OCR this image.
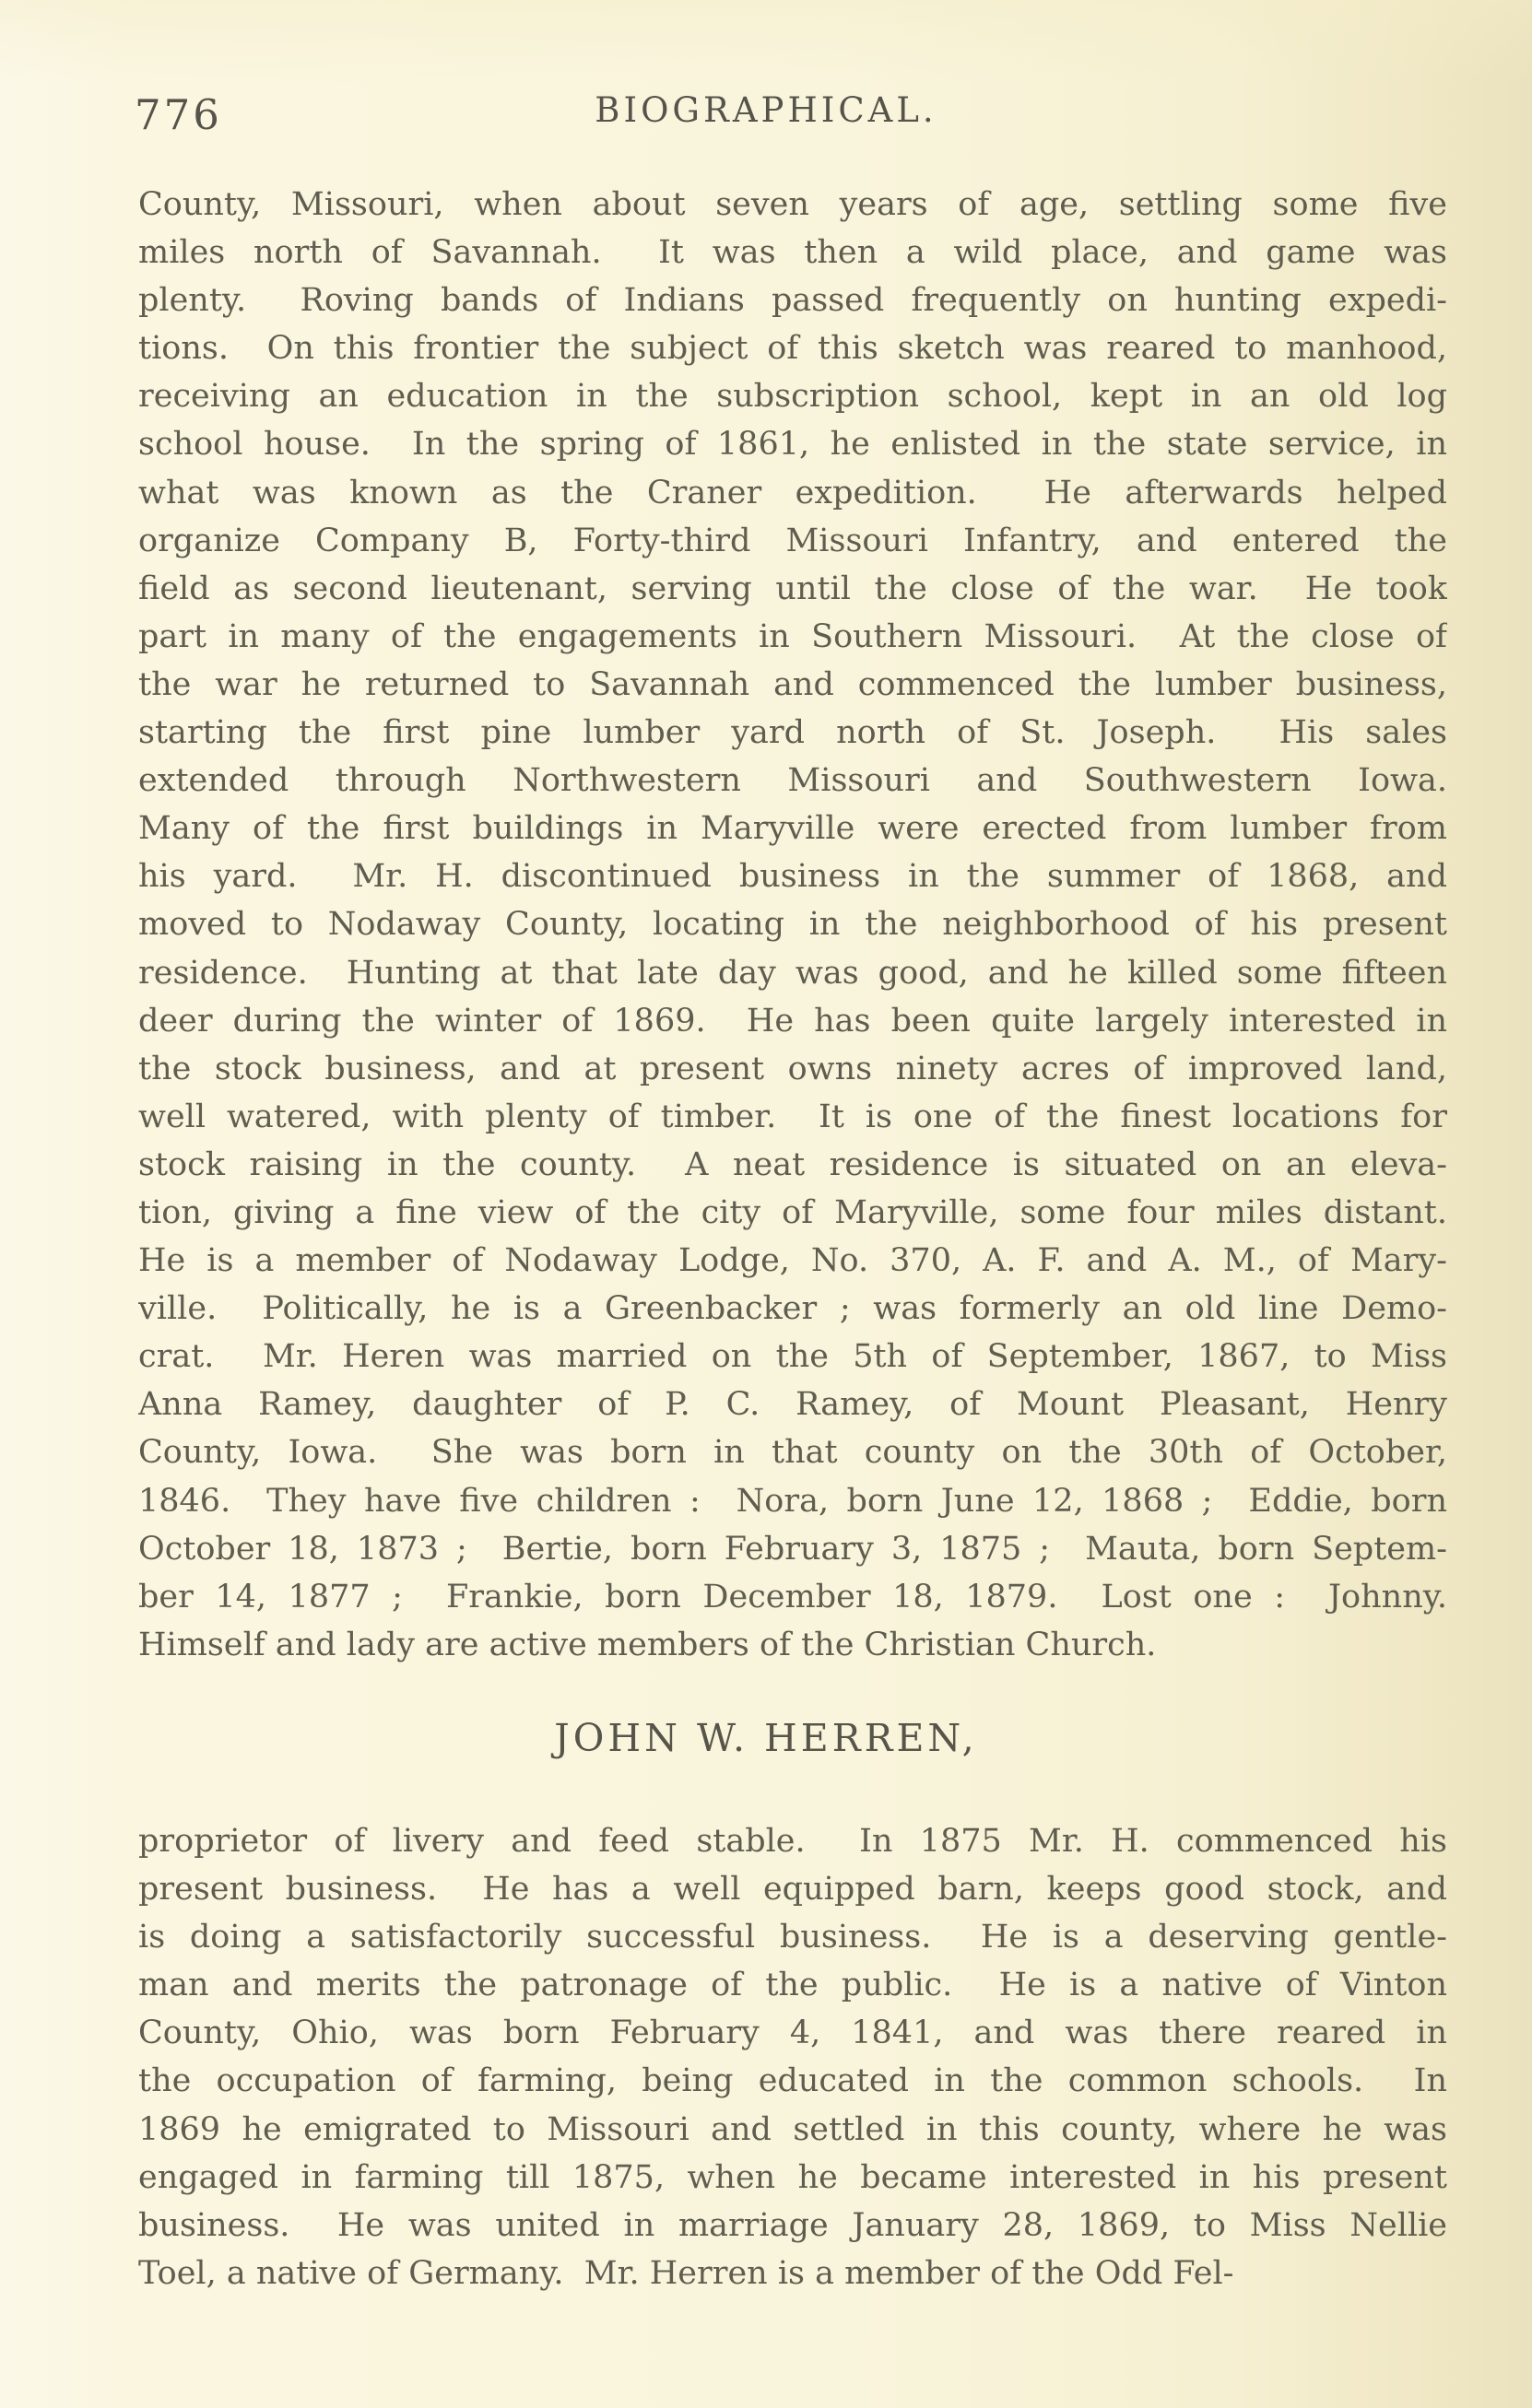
776	BIOGRAPHICAL.
County, Missouri, when about seven years of age, settling some five
miles north of Savannah.  It was then a wild place, and game was
plenty.  Roving bands of Indians passed frequently on hunting expedi-
tions.  On this frontier the subject of this sketch was reared to manhood,
receiving an education in the subscription school, kept in an old log
school house.  In the spring of 1861, he enlisted in the state service, in
what was known as the Craner expedition.  He afterwards helped
organize Company B, Forty-third Missouri Infantry, and entered the
field as second lieutenant, serving until the close of the war.  He took
part in many of the engagements in Southern Missouri.  At the close of
the war he returned to Savannah and commenced the lumber business,
starting the first pine lumber yard north of St. Joseph.  His sales
extended through Northwestern Missouri and Southwestern Iowa.
Many of the first buildings in Maryville were erected from lumber from
his yard.  Mr. H. discontinued business in the summer of 1868, and
moved to Nodaway County, locating in the neighborhood of his present
residence.  Hunting at that late day was good, and he killed some fifteen
deer during the winter of 1869.  He has been quite largely interested in
the stock business, and at present owns ninety acres of improved land,
well watered, with plenty of timber.  It is one of the finest locations for
stock raising in the county.  A neat residence is situated on an eleva-
tion, giving a fine view of the city of Maryville, some four miles distant.
He is a member of Nodaway Lodge, No. 370, A. F. and A. M., of Mary-
ville.  Politically, he is a Greenbacker ; was formerly an old line Demo-
crat.  Mr. Heren was married on the 5th of September, 1867, to Miss
Anna Ramey, daughter of P. C. Ramey, of Mount Pleasant, Henry
County, Iowa.  She was born in that county on the 30th of October,
1846.  They have five children :  Nora, born June 12, 1868 ;  Eddie, born
October 18, 1873 ;  Bertie, born February 3, 1875 ;  Mauta, born Septem-
ber 14, 1877 ;  Frankie, born December 18, 1879.  Lost one :  Johnny.
Himself and lady are active members of the Christian Church.
JOHN W. HERREN,
proprietor of livery and feed stable.  In 1875 Mr. H. commenced his
present business.  He has a well equipped barn, keeps good stock, and
is doing a satisfactorily successful business.  He is a deserving gentle-
man and merits the patronage of the public.  He is a native of Vinton
County, Ohio, was born February 4, 1841, and was there reared in
the occupation of farming, being educated in the common schools.  In
1869 he emigrated to Missouri and settled in this county, where he was
engaged in farming till 1875, when he became interested in his present
business.  He was united in marriage January 28, 1869, to Miss Nellie
Toel, a native of Germany.  Mr. Herren is a member of the Odd Fel-
